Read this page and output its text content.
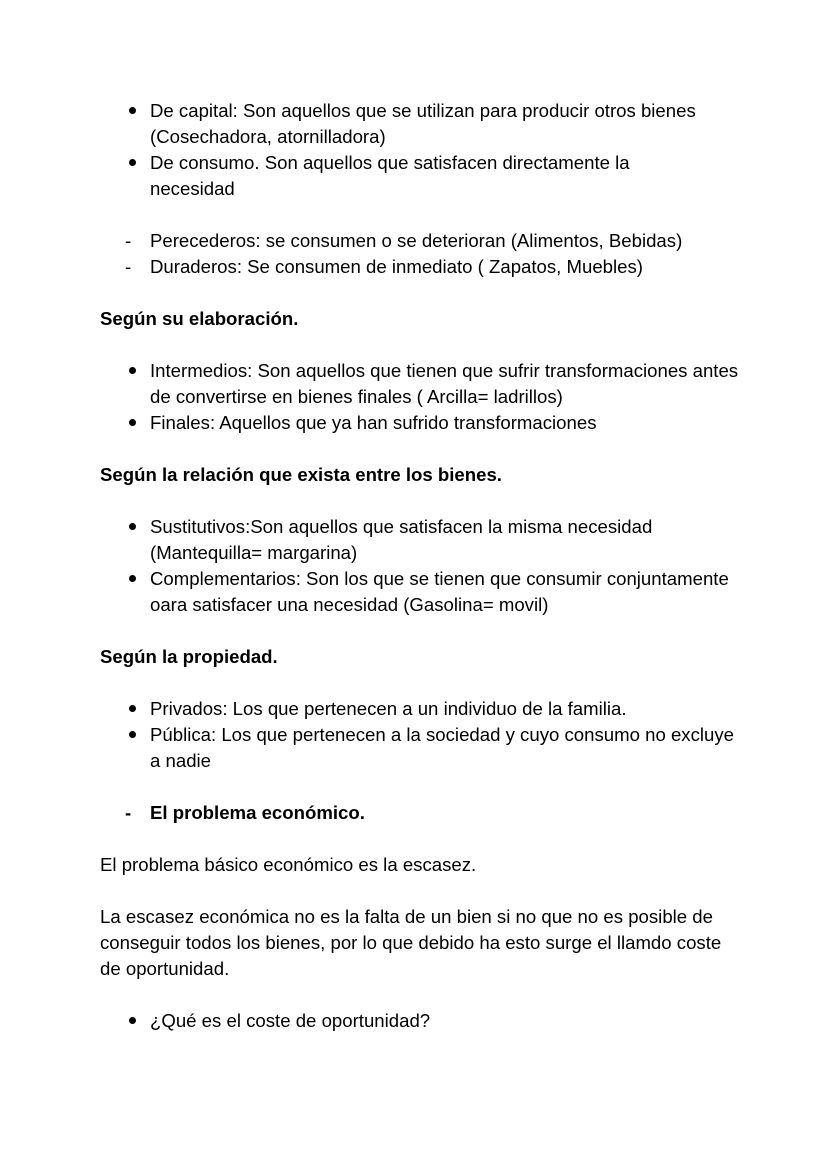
De capital: Son aquellos que se utilizan para producir otros bienes (Cosechadora, atornilladora)
De consumo. Son aquellos que satisfacen directamente la necesidad
- Perecederos: se consumen o se deterioran (Alimentos, Bebidas)
- Duraderos: Se consumen de inmediato ( Zapatos, Muebles)

Según su elaboración.

Intermedios: Son aquellos que tienen que sufrir transformaciones antes de convertirse en bienes finales ( Arcilla= ladrillos)
Finales: Aquellos que ya han sufrido transformaciones

Según la relación que exista entre los bienes.

Sustitutivos:Son aquellos que satisfacen la misma necesidad (Mantequilla= margarina)
Complementarios: Son los que se tienen que consumir conjuntamente oara satisfacer una necesidad (Gasolina= movil)

Según la propiedad.

Privados: Los que pertenecen a un individuo de la familia.
Pública: Los que pertenecen a la sociedad y cuyo consumo no excluye a nadie
- El problema económico.

El problema básico económico es la escasez.

La escasez económica no es la falta de un bien si no que no es posible de conseguir todos los bienes, por lo que debido ha esto surge el llamdo coste de oportunidad.

¿Qué es el coste de oportunidad?
